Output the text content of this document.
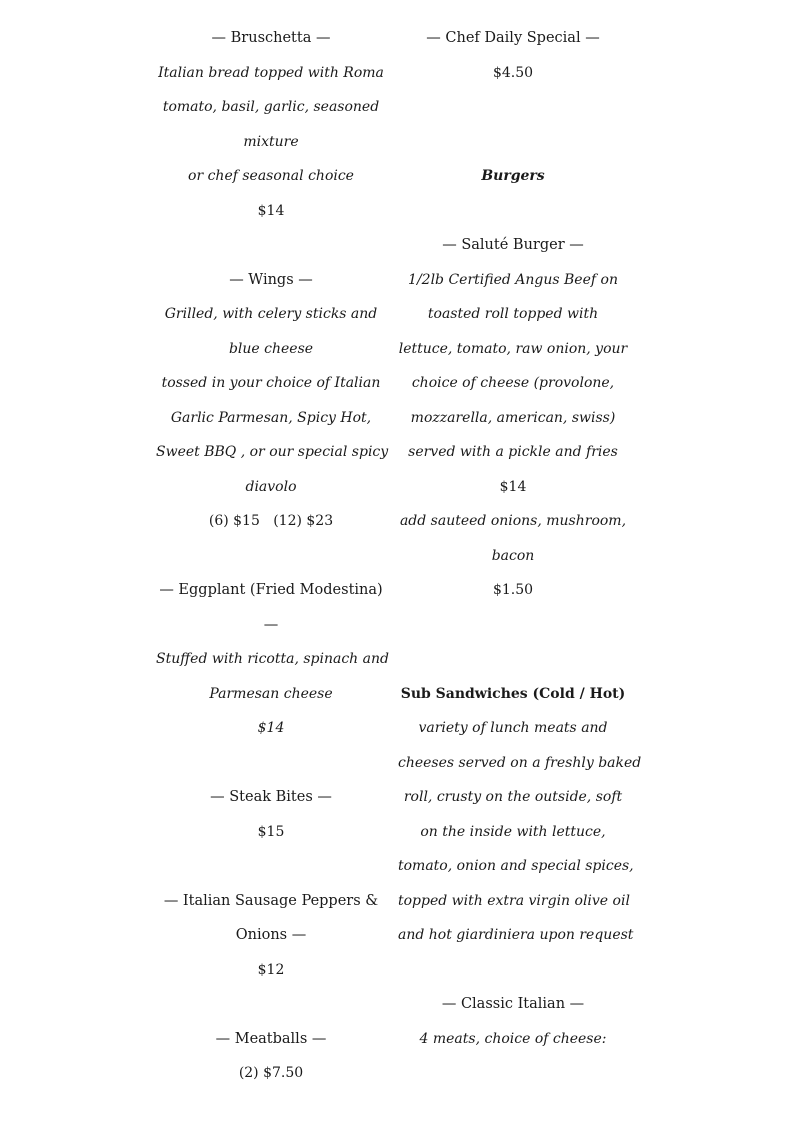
— Bruschetta —
Italian bread topped with Roma
tomato, basil, garlic, seasoned
mixture
or chef seasonal choice
$14
— Wings —
Grilled, with celery sticks and
blue cheese
tossed in your choice of Italian
Garlic Parmesan, Spicy Hot,
Sweet BBQ , or our special spicy
diavolo
(6) $15   (12) $23
— Eggplant (Fried Modestina)
—
Stuffed with ricotta, spinach and
Parmesan cheese
$14
— Steak Bites —
$15
— Italian Sausage Peppers &
Onions —
$12
— Meatballs —
(2) $7.50
— Chef Daily Special —
$4.50
Burgers
— Saluté Burger —
1/2lb Certified Angus Beef on
toasted roll topped with
lettuce, tomato, raw onion, your
choice of cheese (provolone,
mozzarella, american, swiss)
served with a pickle and fries
$14
add sauteed onions, mushroom,
bacon
$1.50
Sub Sandwiches (Cold / Hot)
variety of lunch meats and
cheeses served on a freshly baked
roll, crusty on the outside, soft
on the inside with lettuce,
tomato, onion and special spices,
topped with extra virgin olive oil
and hot giardiniera upon request
— Classic Italian —
4 meats, choice of cheese:
